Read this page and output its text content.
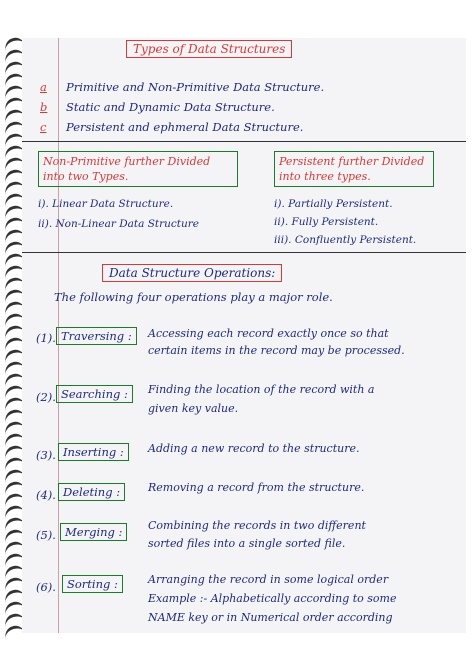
Types of Data Structures
a Primitive and Non-Primitive Data Structure.
b Static and Dynamic Data Structure.
c Persistent and ephmeral Data Structure.
Non-Primitive further Divided into two Types.
Persistent further Divided into three types.
i). Linear Data Structure.
ii). Non-Linear Data Structure
i). Partially Persistent.
ii). Fully Persistent.
iii). Confluently Persistent.
Data Structure Operations:
The following four operations play a major role.
(1). Traversing :	Accessing each record exactly once so that
certain items in the record may be processed.
(2). Searching :	Finding the location of the record with a
given key value.
(3). Inserting :	Adding a new record to the structure.
(4). Deleting :	Removing a record from the structure.
(5). Merging :	Combining the records in two different
sorted files into a single sorted file.
(6). Sorting :	Arranging the record in some logical order
Example :- Alphabetically according to some
NAME key or in Numerical order according
